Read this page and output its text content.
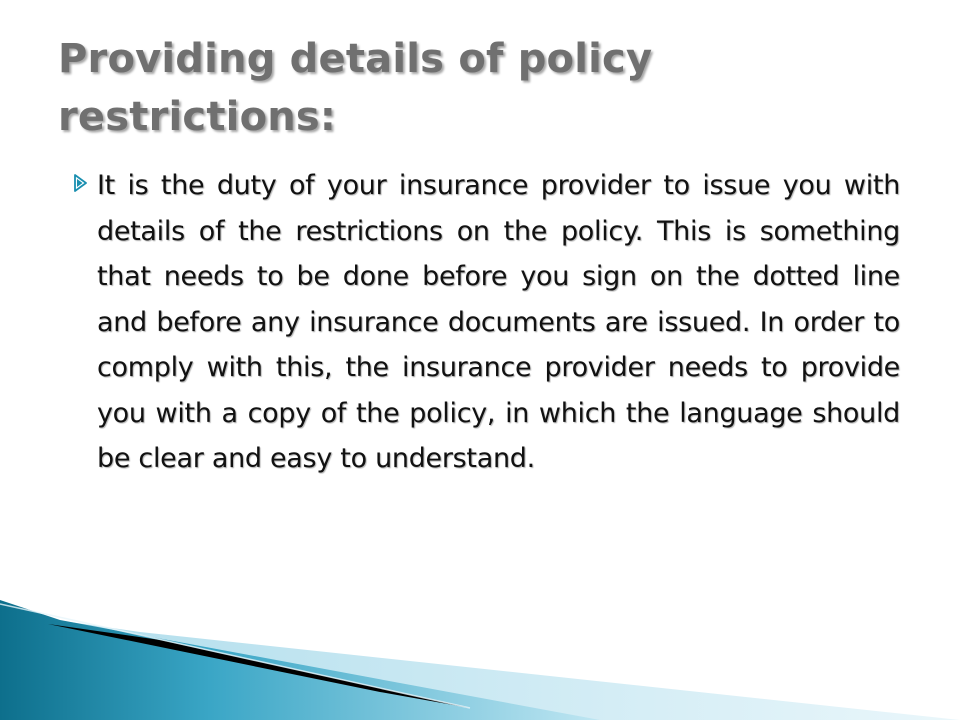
Providing details of policy restrictions:

It is the duty of your insurance provider to issue you with details of the restrictions on the policy. This is something that needs to be done before you sign on the dotted line and before any insurance documents are issued. In order to comply with this, the insurance provider needs to provide you with a copy of the policy, in which the language should be clear and easy to understand.
